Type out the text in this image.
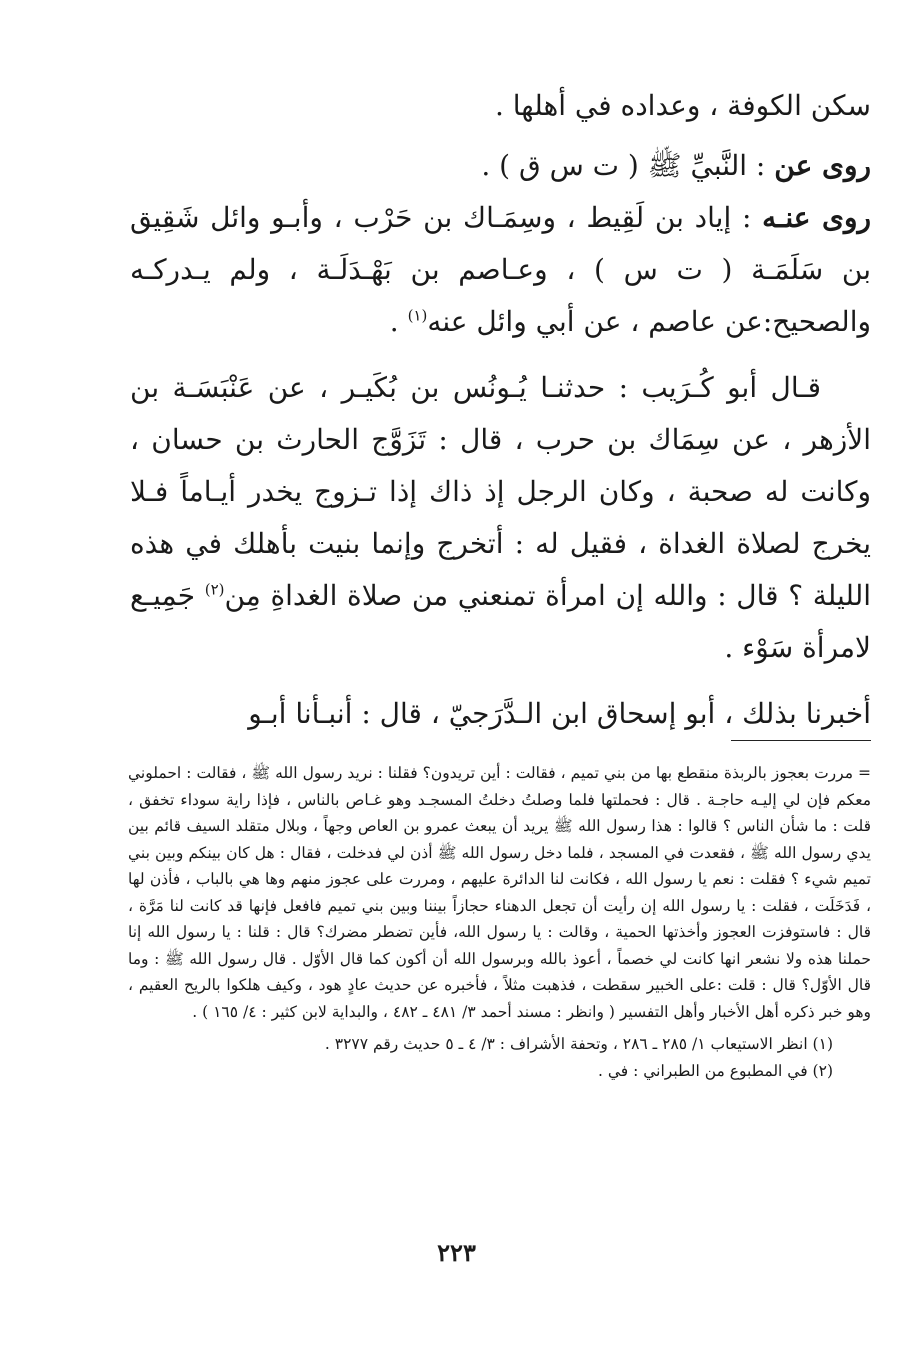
سكن الكوفة ، وعداده في أهلها .

روى عن : النَّبيِّ ﷺ ( ت س ق ) .

روى عنـه : إياد بن لَقِيط ، وسِمَـاك بن حَرْب ، وأبـو وائل شَقِيق بن سَلَمَـة ( ت س ) ، وعـاصم بن بَهْـدَلَـة ، ولم يـدركـه والصحيح:عن عاصم ، عن أبي وائل عنه$^{(١)}$ .

قـال أبو كُـرَيب : حدثنـا يُـونُس بن بُكَيـر ، عن عَنْبَسَـة بن الأزهر ، عن سِمَاك بن حرب ، قال : تَزَوَّج الحارث بن حسان ، وكانت له صحبة ، وكان الرجل إذ ذاك إذا تـزوج يخدر أيـاماً فـلا يخرج لصلاة الغداة ، فقيل له : أتخرج وإنما بنيت بأهلك في هذه الليلة ؟ قال : والله إن امرأة تمنعني من صلاة الغداةِ مِن$^{(٢)}$ جَمِيـع لامرأة سَوْء .

أخبرنا بذلك ، أبو إسحاق ابن الـدَّرَجيّ ، قال : أنبـأنا أبـو

= مررت بعجوز بالربذة منقطع بها من بني تميم ، فقالت : أين تريدون؟ فقلنا : نريد رسول الله ﷺ ، فقالت : احملوني معكم فإن لي إليـه حاجـة . قال : فحملتها فلما وصلتُ دخلتُ المسجـد وهو غـاص بالناس ، فإذا راية سوداء تخفق ، قلت : ما شأن الناس ؟ قالوا : هذا رسول الله ﷺ يريد أن يبعث عمرو بن العاص وجهاً ، وبلال متقلد السيف قائم بين يدي رسول الله ﷺ ، فقعدت في المسجد ، فلما دخل رسول الله ﷺ أذن لي فدخلت ، فقال : هل كان بينكم وبين بني تميم شيء ؟ فقلت : نعم يا رسول الله ، فكانت لنا الدائرة عليهم ، ومررت على عجوز منهم وها هي بالباب ، فأذن لها ، فَدَخَلَت ، فقلت : يا رسول الله إن رأيت أن تجعل الدهناء حجازاً بيننا وبين بني تميم فافعل فإنها قد كانت لنا مَرَّة ، قال : فاستوفزت العجوز وأخذتها الحمية ، وقالت : يا رسول الله، فأين تضطر مضرك؟ قال : قلنا : يا رسول الله إنا حملنا هذه ولا نشعر انها كانت لي خصماً ، أعوذ بالله وبرسول الله أن أكون كما قال الأوّل . قال رسول الله ﷺ : وما قال الأوّل؟ قال : قلت :على الخبير سقطت ، فذهبت مثلاً ، فأخبره عن حديث عادٍ هود ، وكيف هلكوا بالريح العقيم ، وهو خبر ذكره أهل الأخبار وأهل التفسير ( وانظر : مسند أحمد ٣/ ٤٨١ ـ ٤٨٢ ، والبداية لابن كثير : ٤/ ١٦٥ ) .

(١) انظر الاستيعاب ١/ ٢٨٥ ـ ٢٨٦ ، وتحفة الأشراف : ٣/ ٤ ـ ٥ حديث رقم ٣٢٧٧ .

(٢) في المطبوع من الطبراني : في .

٢٢٣
